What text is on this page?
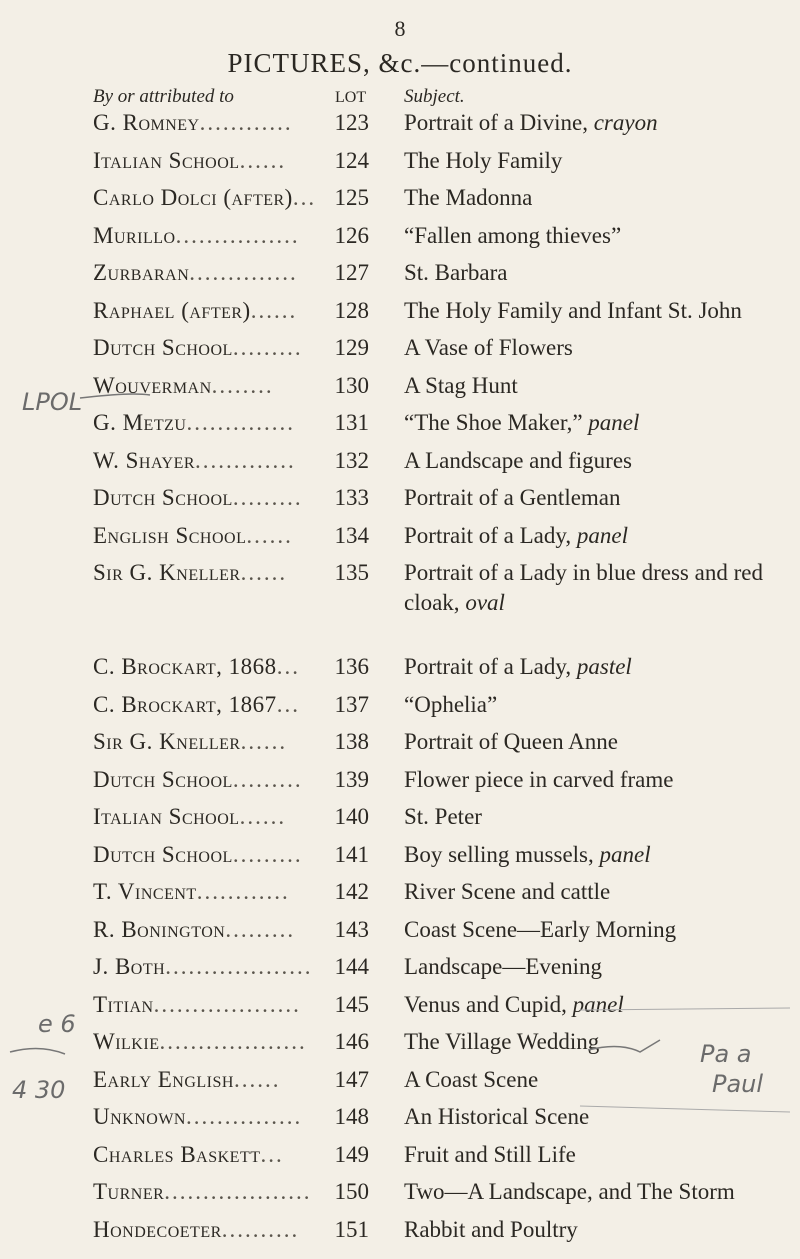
8
PICTURES, &c.—continued.
By or attributed to	LOT Subject.
G. Romney............	123 Portrait of a Divine, crayon
Italian School......	124 The Holy Family
Carlo Dolci (after)... 125 The Madonna
Murillo................	126 “Fallen among thieves”
Zurbaran..............	127 St. Barbara
Raphael (after)......	128 The Holy Family and Infant St. John
Dutch School.........	129 A Vase of Flowers
Wouverman........	130 A Stag Hunt
G. Metzu..............	131 “The Shoe Maker,” panel
W. Shayer.............	132 A Landscape and figures
Dutch School.........	133 Portrait of a Gentleman
English School......	134 Portrait of a Lady, panel
Sir G. Kneller......	135 Portrait of a Lady in blue dress and red cloak, oval
C. Brockart, 1868...	136 Portrait of a Lady, pastel
C. Brockart, 1867...	137 “Ophelia”
Sir G. Kneller......	138 Portrait of Queen Anne
Dutch School.........	139 Flower piece in carved frame
Italian School......	140 St. Peter
Dutch School.........	141 Boy selling mussels, panel
T. Vincent............	142 River Scene and cattle
R. Bonington.........	143 Coast Scene—Early Morning
J. Both................... 144 Landscape—Evening
Titian...................	145 Venus and Cupid, panel
Wilkie...................	146 The Village Wedding
Early English......	147 A Coast Scene
Unknown...............	148 An Historical Scene
Charles Baskett...	149 Fruit and Still Life
Turner................... 150 Two—A Landscape, and The Storm
Hondecoeter..........	151 Rabbit and Poultry
LPOL
e 6
4 30
Pa a
Paul
